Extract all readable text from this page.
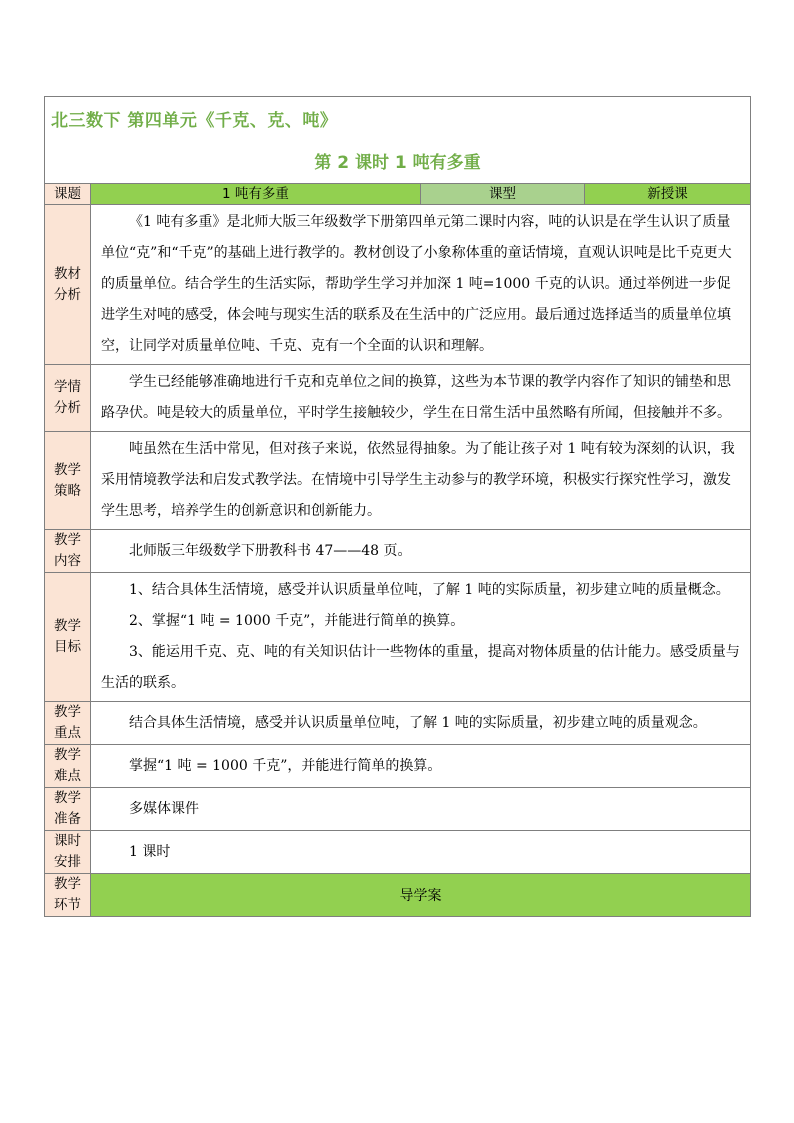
北三数下 第四单元《千克、克、吨》
第 2 课时 1 吨有多重			

课题	1 吨有多重	课型	新授课
教材分析	《1 吨有多重》是北师大版三年级数学下册第四单元第二课时内容，吨的认识是在学生认识了质量单位“克”和“千克”的基础上进行教学的。教材创设了小象称体重的童话情境，直观认识吨是比千克更大的质量单位。结合学生的生活实际，帮助学生学习并加深 1 吨=1000 千克的认识。通过举例进一步促进学生对吨的感受，体会吨与现实生活的联系及在生活中的广泛应用。最后通过选择适当的质量单位填空，让同学对质量单位吨、千克、克有一个全面的认识和理解。		

学情分析	学生已经能够准确地进行千克和克单位之间的换算，这些为本节课的教学内容作了知识的铺垫和思路孕伏。吨是较大的质量单位，平时学生接触较少，学生在日常生活中虽然略有所闻，但接触并不多。		

教学策略	吨虽然在生活中常见，但对孩子来说，依然显得抽象。为了能让孩子对 1 吨有较为深刻的认识，我采用情境教学法和启发式教学法。在情境中引导学生主动参与的教学环境，积极实行探究性学习，激发学生思考，培养学生的创新意识和创新能力。		

教学内容	北师版三年级数学下册教科书 47——48 页。		

教学目标	1、结合具体生活情境，感受并认识质量单位吨，了解 1 吨的实际质量，初步建立吨的质量概念。

2、掌握“1 吨 = 1000 千克”，并能进行简单的换算。

3、能运用千克、克、吨的有关知识估计一些物体的重量，提高对物体质量的估计能力。感受质量与生活的联系。		

教学重点	结合具体生活情境，感受并认识质量单位吨，了解 1 吨的实际质量，初步建立吨的质量观念。		

教学难点	掌握“1 吨 = 1000 千克”，并能进行简单的换算。		

教学准备	多媒体课件		

课时安排	1 课时		

教学环节	导学案		
